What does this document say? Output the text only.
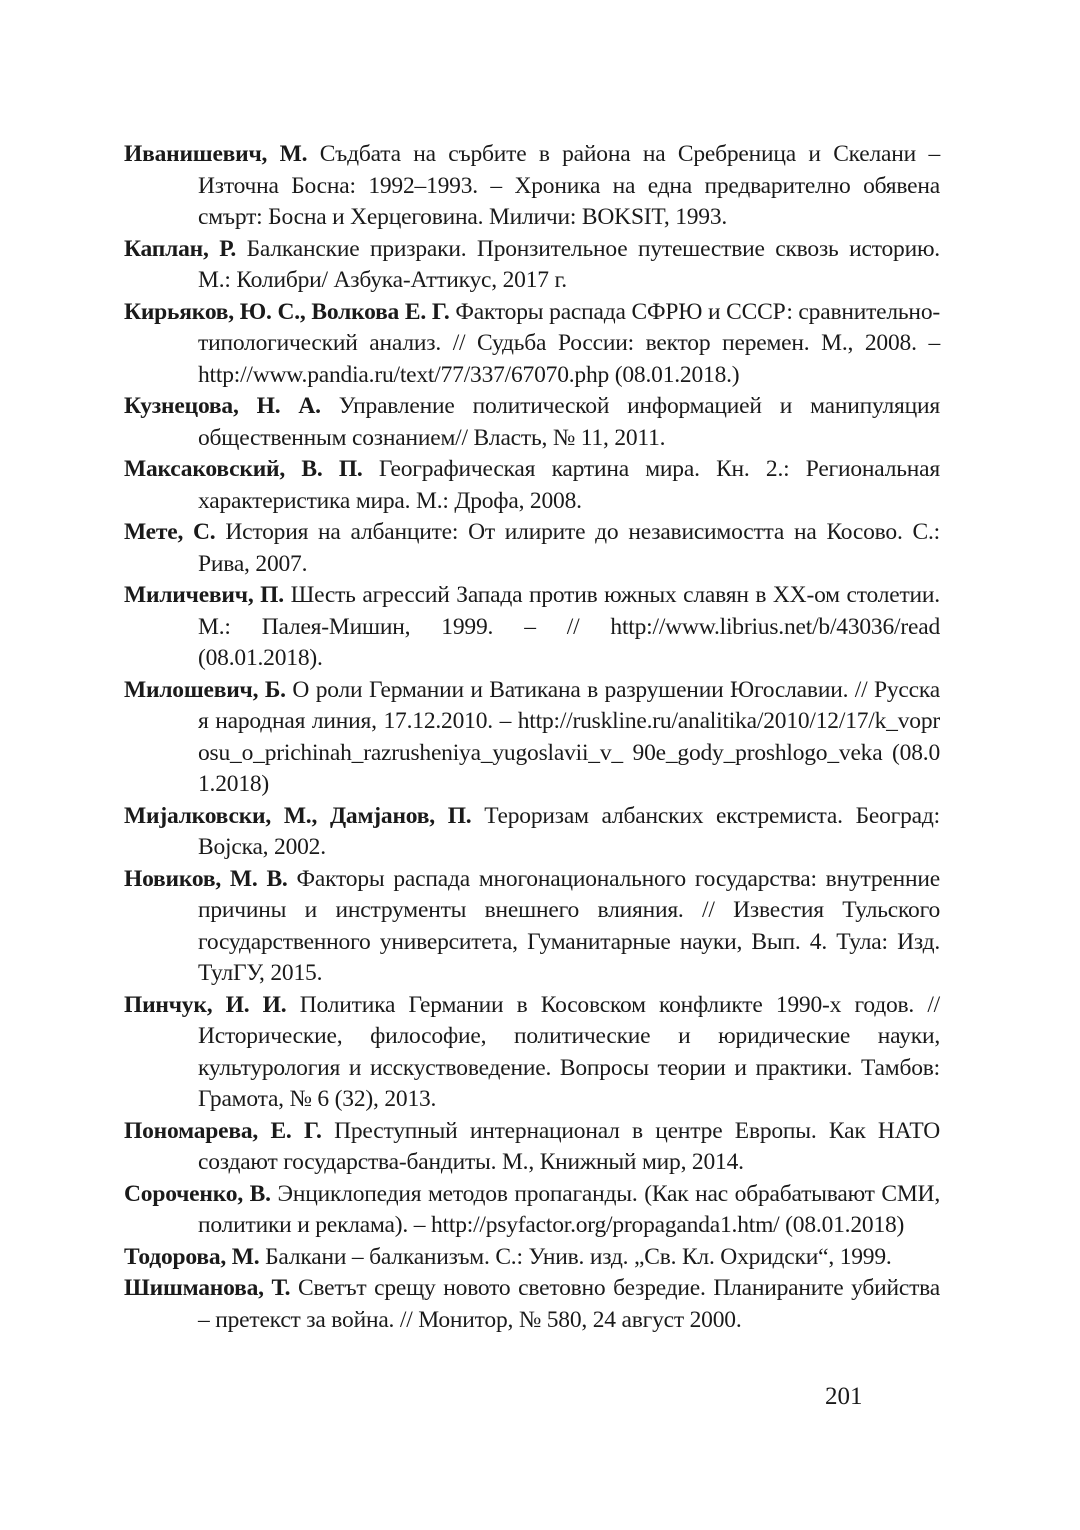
Иванишевич, М. Съдбата на сърбите в района на Сребреница и Скелани – Източна Босна: 1992–1993. – Хроника на една предварително обявена смърт: Босна и Херцеговина. Миличи: BOKSIT, 1993.

Каплан, Р. Балканские призраки. Пронзительное путешествие сквозь историю. М.: Колибри/ Азбука-Аттикус, 2017 г.

Кирьяков, Ю. С., Волкова Е. Г. Факторы распада СФРЮ и СССР: сравнительно-типологический анализ. // Судьба России: вектор перемен. М., 2008. – http://www.pandia.ru/text/77/337/67070.php (08.01.2018.)

Кузнецова, Н. А. Управление политической информацией и манипуляция общественным сознанием// Власть, № 11, 2011.

Максаковский, В. П. Географическая картина мира. Кн. 2.: Региональная характеристика мира. М.: Дрофа, 2008.

Мете, С. История на албанците: От илирите до независимостта на Косово. С.: Рива, 2007.

Миличевич, П. Шесть агрессий Запада против южных славян в XX-ом столетии. М.: Палея-Мишин, 1999. – // http://www.librius.net/b/43036/read (08.01.2018).

Милошевич, Б. О роли Германии и Ватикана в разрушении Югославии. // Русская народная линия, 17.12.2010. – http://ruskline.ru/analitika/2010/12/17/k_voprosu_o_prichinah_razrusheniya_yugoslavii_v_ 90e_gody_proshlogo_veka (08.01.2018)

Мијалковски, М., Дамјанов, П. Тероризам албанских екстремиста. Београд: Војска, 2002.

Новиков, М. В. Факторы распада многонационального государства: внутренние причины и инструменты внешнего влияния. // Известия Тульского государственного университета, Гуманитарные науки, Вып. 4. Тула: Изд. ТулГУ, 2015.

Пинчук, И. И. Политика Германии в Косовском конфликте 1990-х годов. // Исторические, философие, политические и юридические науки, культурология и исскуствоведение. Вопросы теории и практики. Тамбов: Грамота, № 6 (32), 2013.

Пономарева, Е. Г. Преступный интернационал в центре Европы. Как НАТО создают государства-бандиты. М., Книжный мир, 2014.

Сороченко, В. Энциклопедия методов пропаганды. (Как нас обрабатывают СМИ, политики и реклама). – http://psyfactor.org/propaganda1.htm/ (08.01.2018)

Тодорова, М. Балкани – балканизъм. С.: Унив. изд. „Св. Кл. Охридски“, 1999.

Шишманова, Т. Светът срещу новото световно безредие. Планираните убийства – претекст за война. // Монитор, № 580, 24 август 2000.

201
